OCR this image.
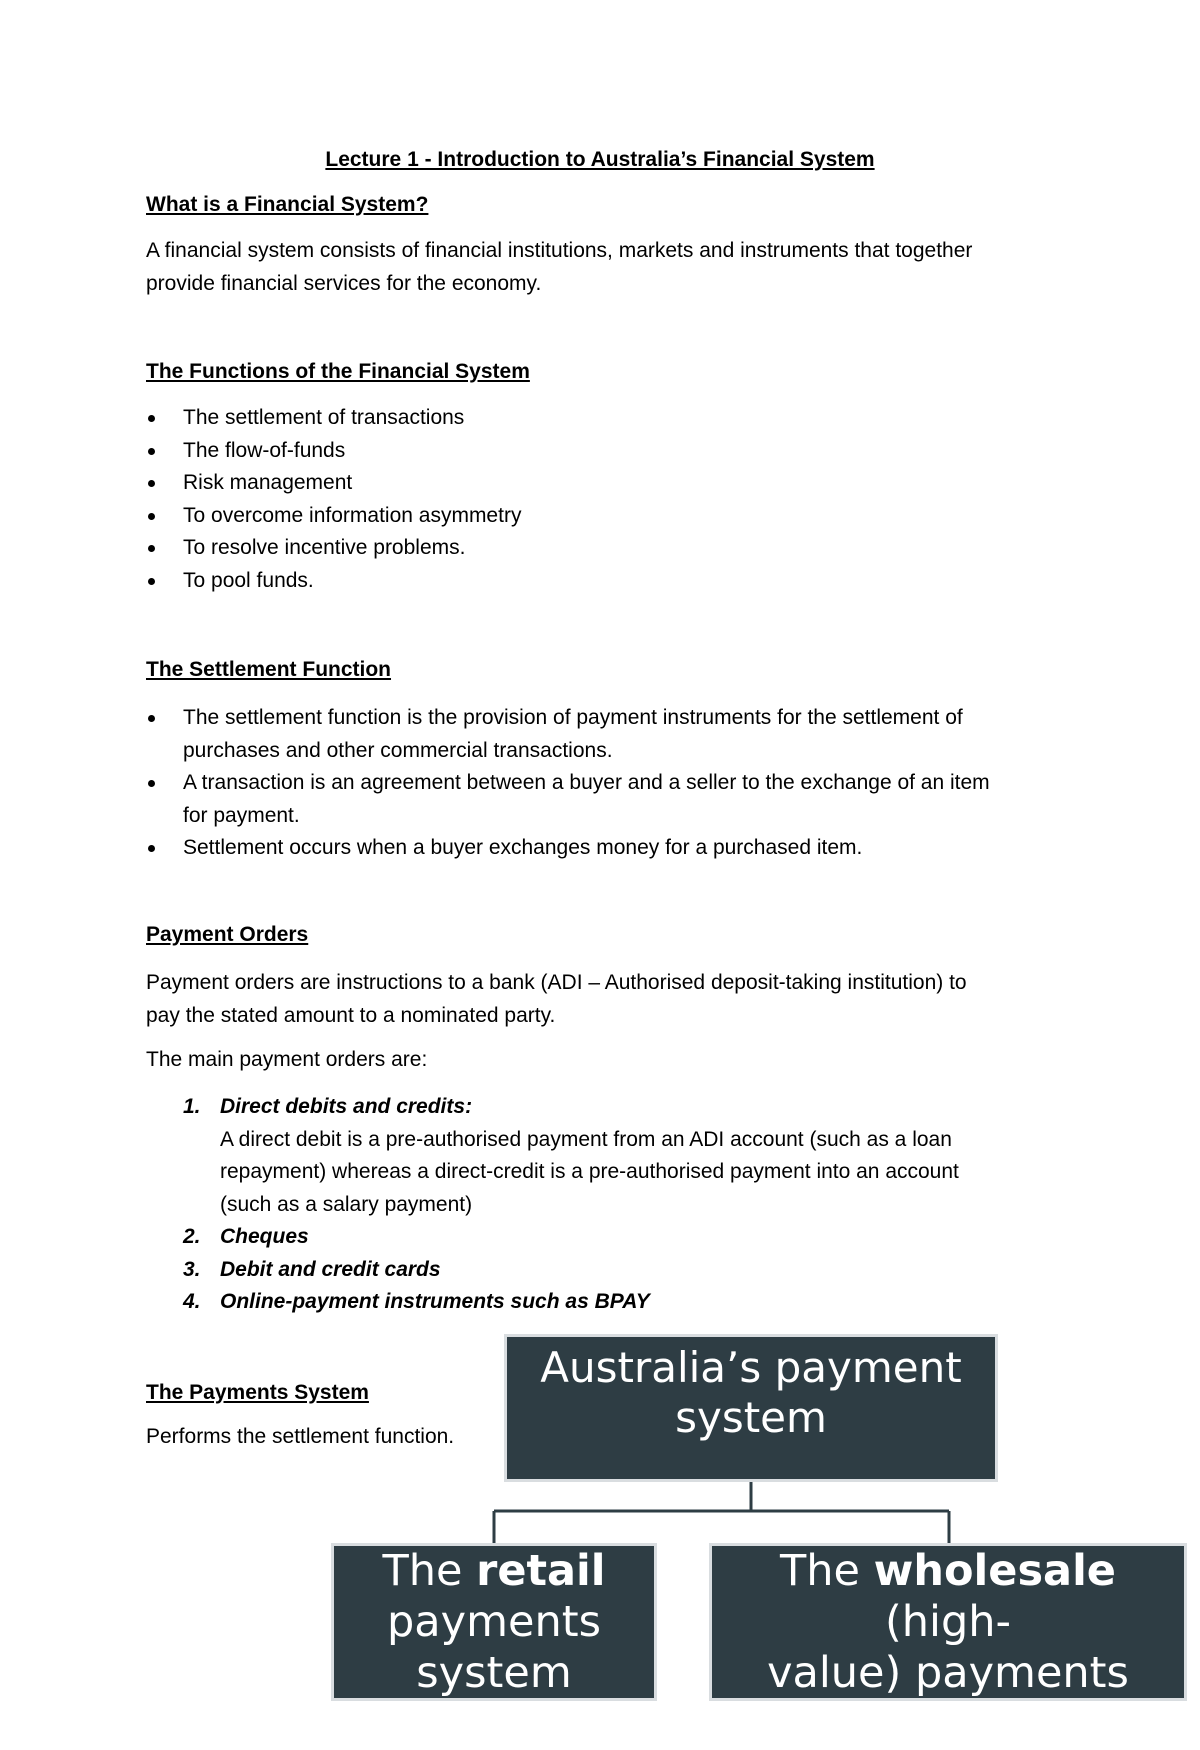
Lecture 1 - Introduction to Australia’s Financial System
What is a Financial System?

A financial system consists of financial institutions, markets and instruments that together
provide financial services for the economy.

The Functions of the Financial System
The settlement of transactions
The flow-of-funds
Risk management
To overcome information asymmetry
To resolve incentive problems.
To pool funds.
The Settlement Function
The settlement function is the provision of payment instruments for the settlement of
purchases and other commercial transactions.
A transaction is an agreement between a buyer and a seller to the exchange of an item
for payment.
Settlement occurs when a buyer exchanges money for a purchased item.
Payment Orders

Payment orders are instructions to a bank (ADI – Authorised deposit-taking institution) to
pay the stated amount to a nominated party.

The main payment orders are:
1. Direct debits and credits:
A direct debit is a pre-authorised payment from an ADI account (such as a loan
repayment) whereas a direct-credit is a pre-authorised payment into an account
(such as a salary payment)
2. Cheques
3. Debit and credit cards
4. Online-payment instruments such as BPAY
The Payments System
Performs the settlement function.
Australia’s payment
system
The retail
payments
system
The wholesale (high-
value) payments
system
